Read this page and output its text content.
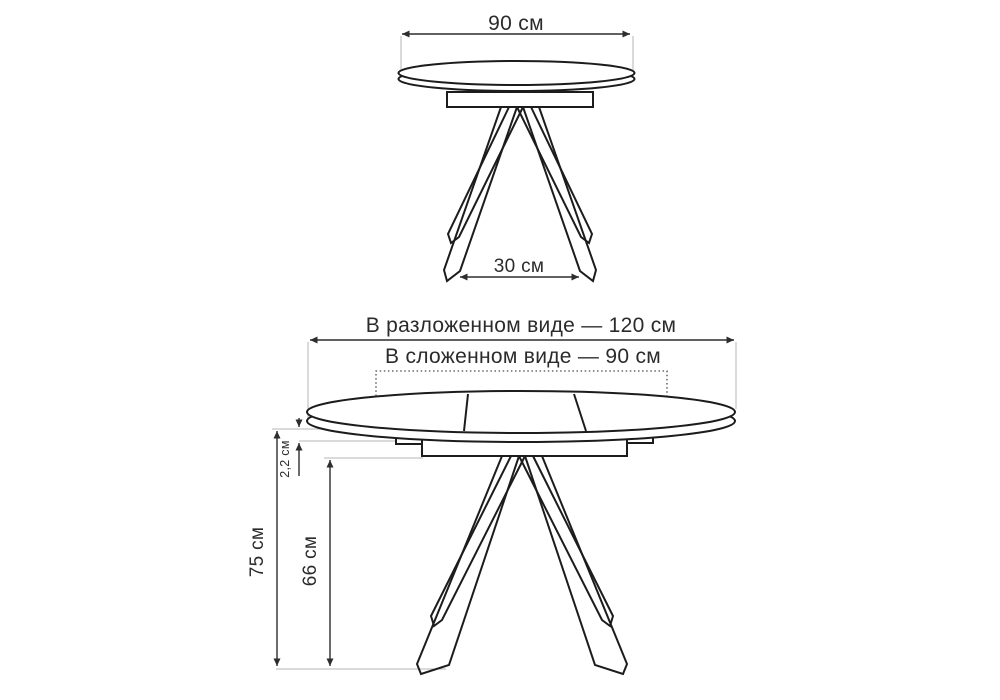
90 см
30 см
В разложенном виде — 120 см
В сложенном виде — 90 см
75 см 66 см
2,2 см
